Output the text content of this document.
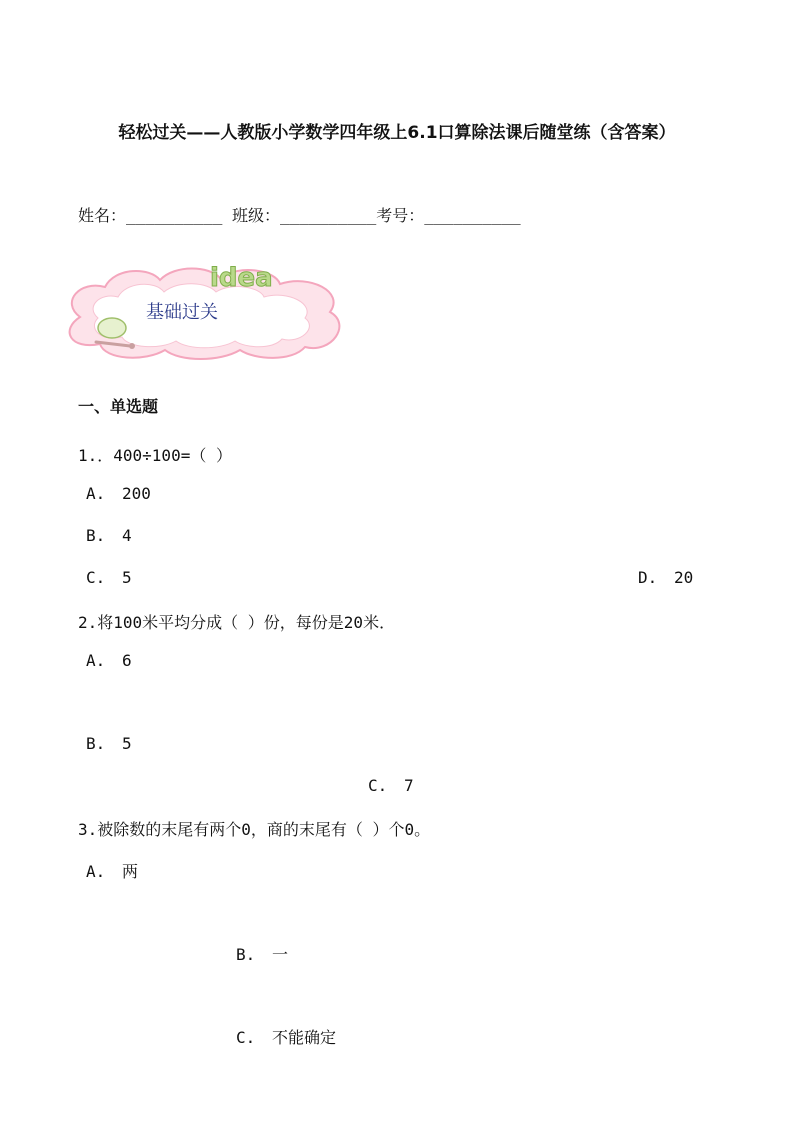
轻松过关——人教版小学数学四年级上6.1口算除法课后随堂练（含答案）
姓名：__________ 班级：__________考号：__________
idea
基础过关
一、单选题
1.．400÷100=（ ）
A. 200
B. 4
C. 5	D. 20
2.将100米平均分成（ ）份，每份是20米．
A. 6
B. 5
C. 7
3.被除数的末尾有两个0，商的末尾有（ ）个0。
A. 两
B. 一
C. 不能确定
